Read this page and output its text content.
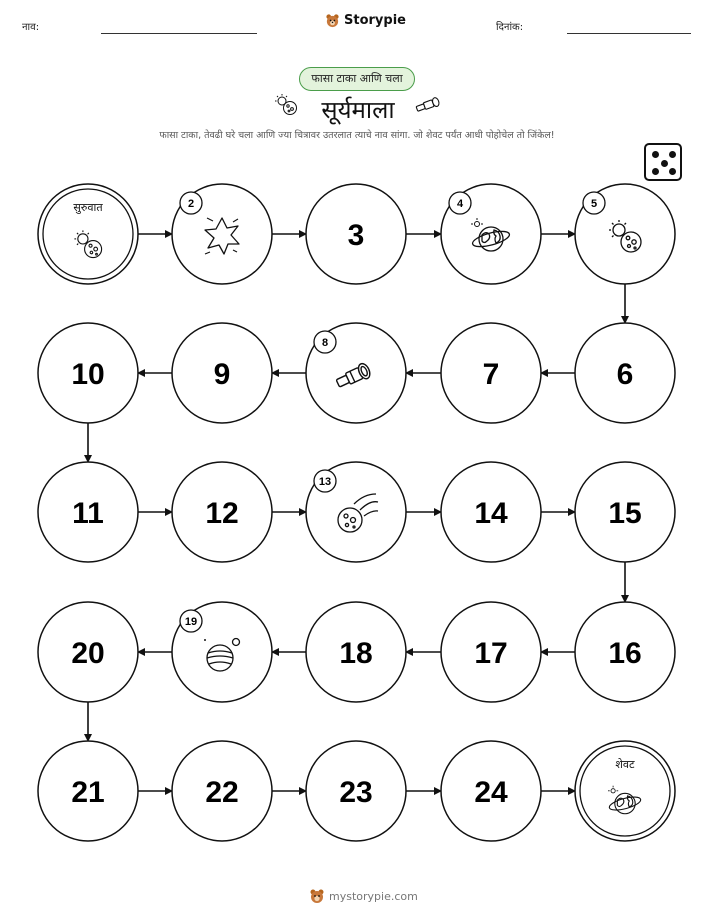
नाव:	Storypie	दिनांक:
फासा टाका आणि चला
सूर्यमाला
फासा टाका, तेवढी घरे चला आणि ज्या चित्रावर उतरलात त्याचे नाव सांगा. जो शेवट पर्यंत आधी पोहोचेल तो जिंकेल!
सुरुवात	2
3
4	5
6
7
8
9
10
11	12
13
14	15
16
17
18
19
20
21	22	23	24
शेवट
mystorypie.com
